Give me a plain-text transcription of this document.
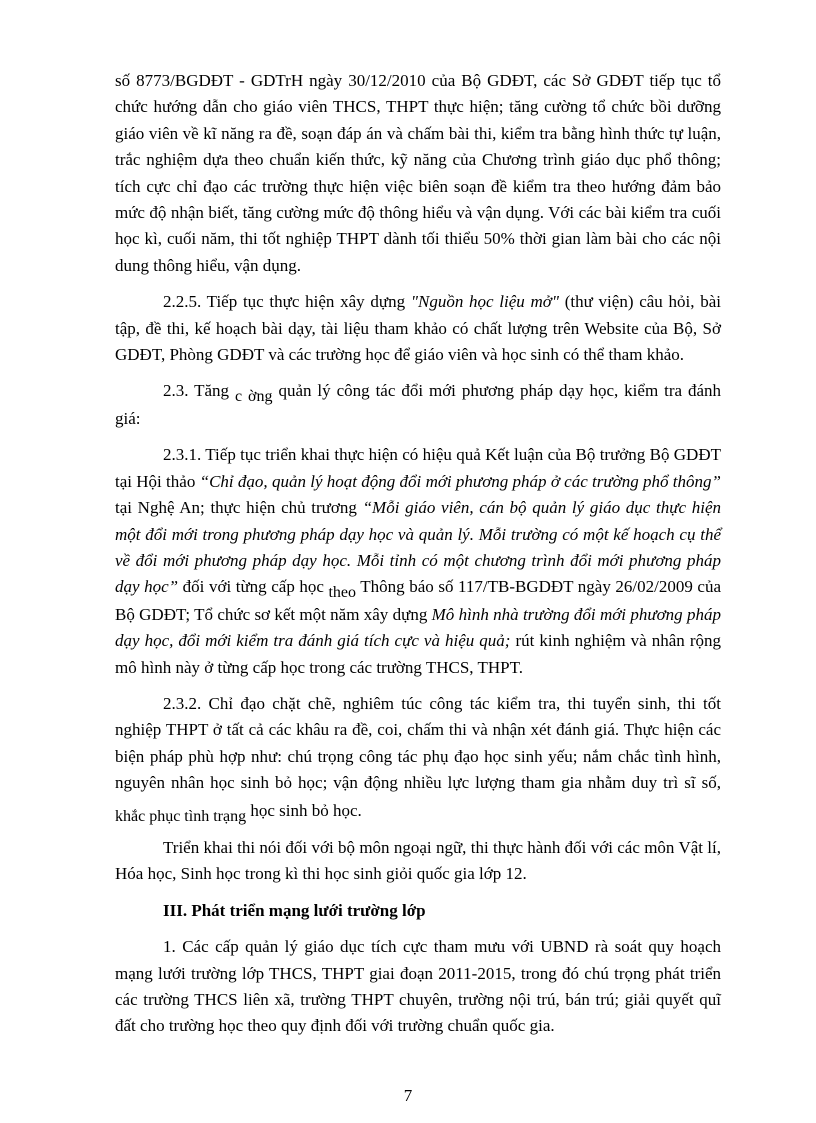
số 8773/BGDĐT - GDTrH ngày 30/12/2010 của Bộ GDĐT, các Sở GDĐT tiếp tục tổ chức hướng dẫn cho giáo viên THCS, THPT thực hiện; tăng cường tổ chức bồi dưỡng giáo viên về kĩ năng ra đề, soạn đáp án và chấm bài thi, kiểm tra bằng hình thức tự luận, trắc nghiệm dựa theo chuẩn kiến thức, kỹ năng của Chương trình giáo dục phổ thông; tích cực chỉ đạo các trường thực hiện việc biên soạn đề kiểm tra theo hướng đảm bảo mức độ nhận biết, tăng cường mức độ thông hiểu và vận dụng. Với các bài kiểm tra cuối học kì, cuối năm, thi tốt nghiệp THPT dành tối thiểu 50% thời gian làm bài cho các nội dung thông hiểu, vận dụng.

2.2.5. Tiếp tục thực hiện xây dựng "Nguồn học liệu mở" (thư viện) câu hỏi, bài tập, đề thi, kế hoạch bài dạy, tài liệu tham khảo có chất lượng trên Website của Bộ, Sở GDĐT, Phòng GDĐT và các trường học để giáo viên và học sinh có thể tham khảo.

2.3. Tăng c ờng quản lý công tác đổi mới phương pháp dạy học, kiểm tra đánh giá:

2.3.1. Tiếp tục triển khai thực hiện có hiệu quả Kết luận của Bộ trưởng Bộ GDĐT tại Hội thảo “Chỉ đạo, quản lý hoạt động đổi mới phương pháp ở các trường phổ thông” tại Nghệ An; thực hiện chủ trương “Mỗi giáo viên, cán bộ quản lý giáo dục thực hiện một đổi mới trong phương pháp dạy học và quản lý. Mỗi trường có một kế hoạch cụ thể về đổi mới phương pháp dạy học. Mỗi tỉnh có một chương trình đổi mới phương pháp dạy học” đối với từng cấp học theo Thông báo số 117/TB-BGDĐT ngày 26/02/2009 của Bộ GDĐT; Tổ chức sơ kết một năm xây dựng Mô hình nhà trường đổi mới phương pháp dạy học, đổi mới kiểm tra đánh giá tích cực và hiệu quả; rút kinh nghiệm và nhân rộng mô hình này ở từng cấp học trong các trường THCS, THPT.

2.3.2. Chỉ đạo chặt chẽ, nghiêm túc công tác kiểm tra, thi tuyển sinh, thi tốt nghiệp THPT ở tất cả các khâu ra đề, coi, chấm thi và nhận xét đánh giá. Thực hiện các biện pháp phù hợp như: chú trọng công tác phụ đạo học sinh yếu; nắm chắc tình hình, nguyên nhân học sinh bỏ học; vận động nhiều lực lượng tham gia nhằm duy trì sĩ số, khắc phục tình trạng học sinh bỏ học.

Triển khai thi nói đối với bộ môn ngoại ngữ, thi thực hành đối với các môn Vật lí, Hóa học, Sinh học trong kì thi học sinh giỏi quốc gia lớp 12.

III. Phát triển mạng lưới trường lớp

1. Các cấp quản lý giáo dục tích cực tham mưu với UBND rà soát quy hoạch mạng lưới trường lớp THCS, THPT giai đoạn 2011-2015, trong đó chú trọng phát triển các trường THCS liên xã, trường THPT chuyên, trường nội trú, bán trú; giải quyết quĩ đất cho trường học theo quy định đối với trường chuẩn quốc gia.

7
